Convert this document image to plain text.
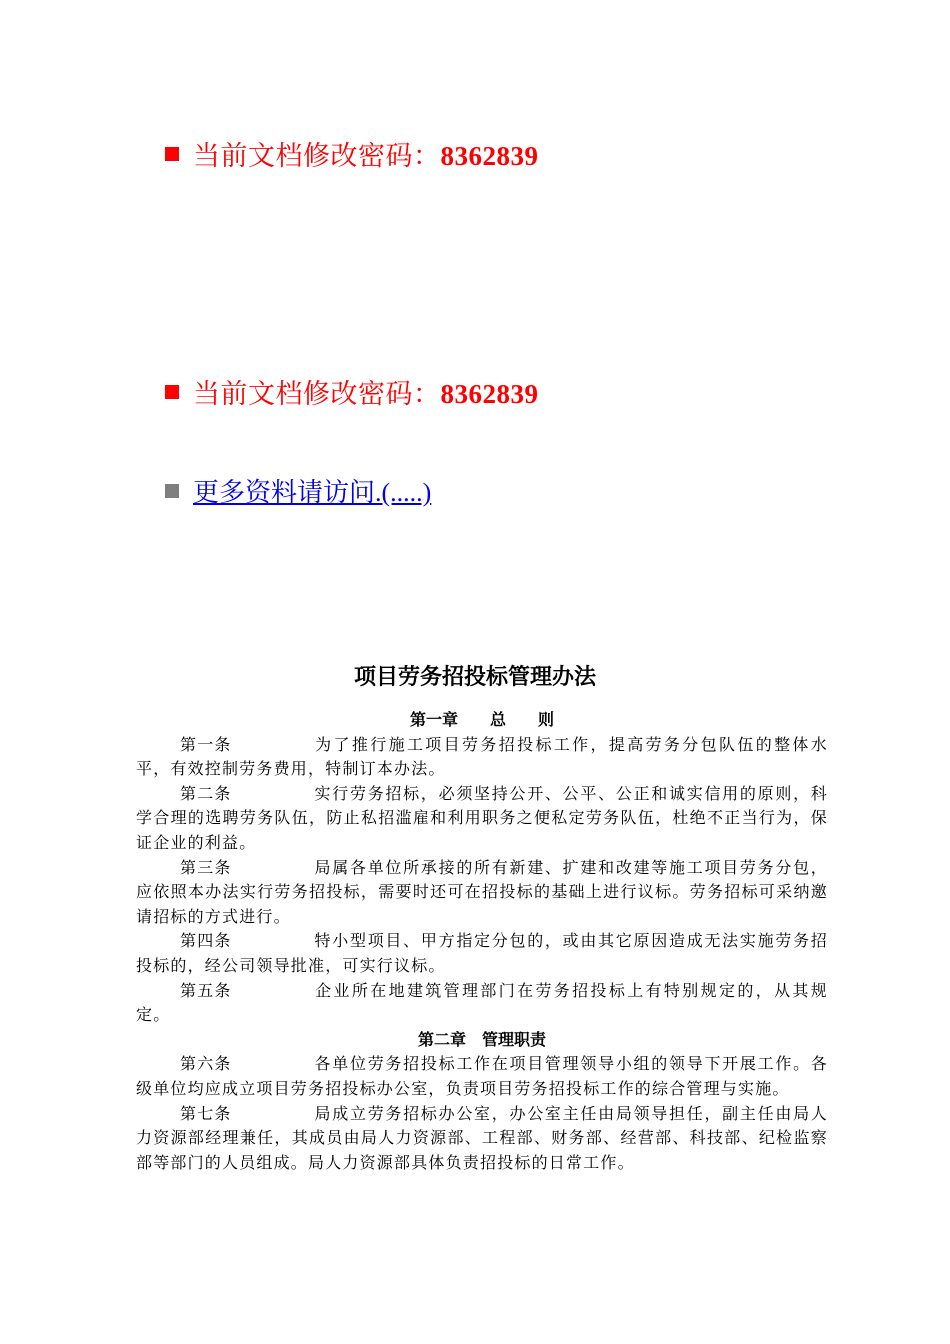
当前文档修改密码：8362839
当前文档修改密码：8362839
更多资料请访问.(.....)
项目劳务招投标管理办法

第一章　　总　　则

第一条	为了推行施工项目劳务招投标工作，提高劳务分包队伍的整体水平，有效控制劳务费用，特制订本办法。

第二条	实行劳务招标，必须坚持公开、公平、公正和诚实信用的原则，科学合理的选聘劳务队伍，防止私招滥雇和利用职务之便私定劳务队伍，杜绝不正当行为，保证企业的利益。

第三条	局属各单位所承接的所有新建、扩建和改建等施工项目劳务分包，应依照本办法实行劳务招投标，需要时还可在招投标的基础上进行议标。劳务招标可采纳邀请招标的方式进行。

第四条	特小型项目、甲方指定分包的，或由其它原因造成无法实施劳务招投标的，经公司领导批准，可实行议标。

第五条	企业所在地建筑管理部门在劳务招投标上有特别规定的，从其规定。

第二章　管理职责

第六条	各单位劳务招投标工作在项目管理领导小组的领导下开展工作。各级单位均应成立项目劳务招投标办公室，负责项目劳务招投标工作的综合管理与实施。

第七条	局成立劳务招标办公室，办公室主任由局领导担任，副主任由局人力资源部经理兼任，其成员由局人力资源部、工程部、财务部、经营部、科技部、纪检监察部等部门的人员组成。局人力资源部具体负责招投标的日常工作。
